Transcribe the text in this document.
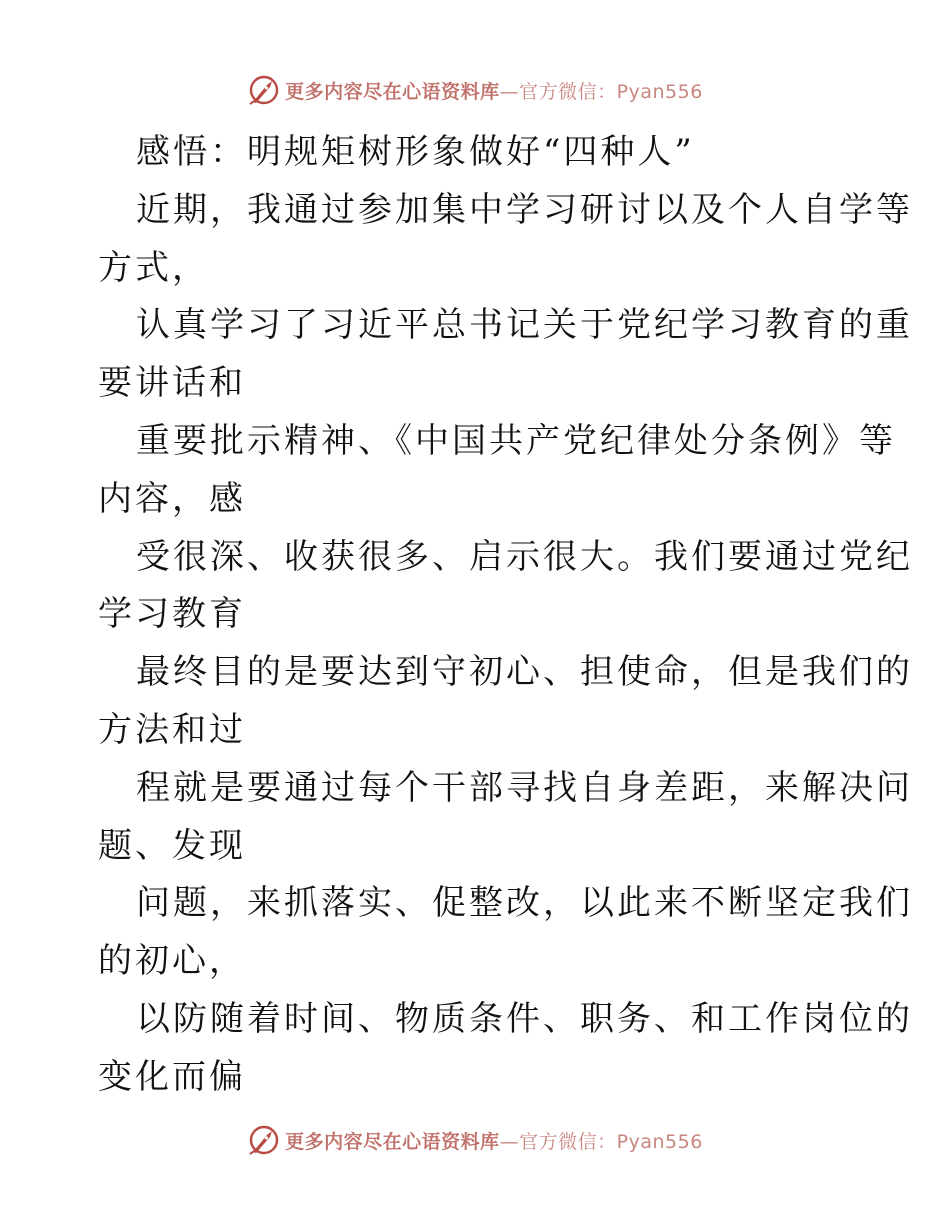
更多内容尽在心语资料库—官方微信：Pyan556
感悟：明规矩树形象做好“四种人”
近期，我通过参加集中学习研讨以及个人自学等
方式，
认真学习了习近平总书记关于党纪学习教育的重
要讲话和
重要批示精神、《中国共产党纪律处分条例》等
内容，感
受很深、收获很多、启示很大。我们要通过党纪
学习教育
最终目的是要达到守初心、担使命，但是我们的
方法和过
程就是要通过每个干部寻找自身差距，来解决问
题、发现
问题，来抓落实、促整改，以此来不断坚定我们
的初心，
以防随着时间、物质条件、职务、和工作岗位的
变化而偏
更多内容尽在心语资料库—官方微信：Pyan556
